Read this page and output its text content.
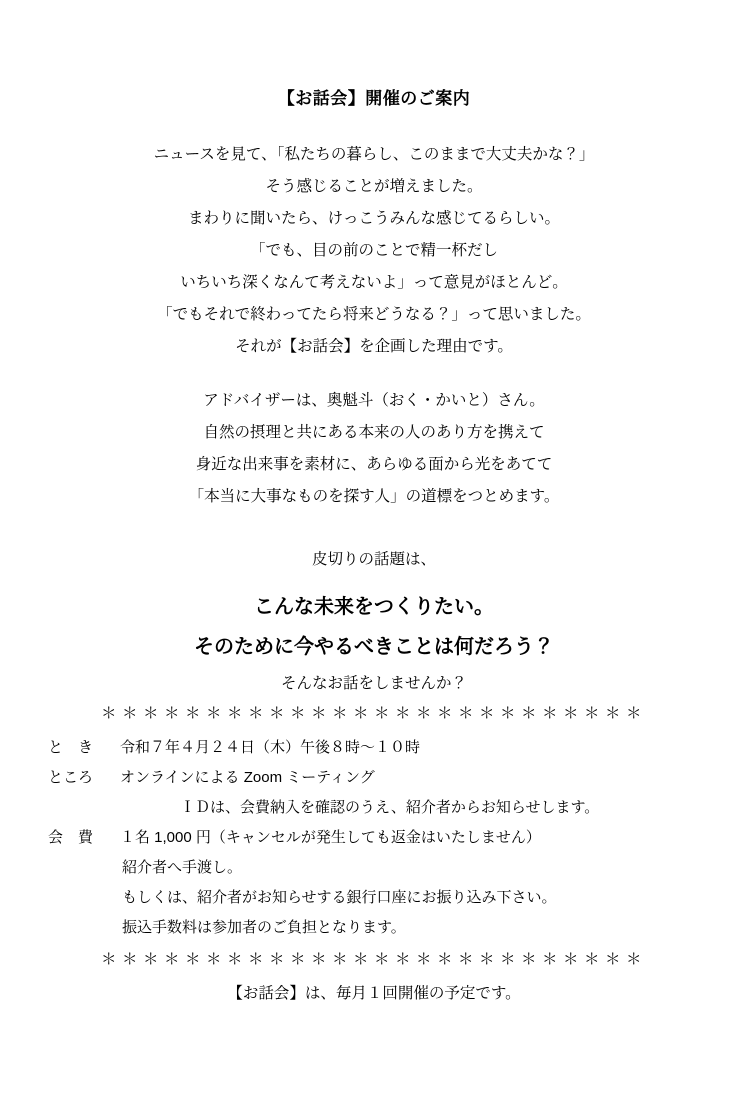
【お話会】開催のご案内
ニュースを見て、「私たちの暮らし、このままで大丈夫かな？」
そう感じることが増えました。
まわりに聞いたら、けっこうみんな感じてるらしい。
「でも、目の前のことで精一杯だし
いちいち深くなんて考えないよ」って意見がほとんど。
「でもそれで終わってたら将来どうなる？」って思いました。
それが【お話会】を企画した理由です。
アドバイザーは、奥魁斗（おく・かいと）さん。
自然の摂理と共にある本来の人のあり方を携えて
身近な出来事を素材に、あらゆる面から光をあてて
「本当に大事なものを探す人」の道標をつとめます。
皮切りの話題は、
こんな未来をつくりたい。
そのために今やるべきことは何だろう？
そんなお話をしませんか？
＊＊＊＊＊＊＊＊＊＊＊＊＊＊＊＊＊＊＊＊＊＊＊＊＊＊
と　き 令和７年４月２４日（木）午後８時～１０時
ところ オンラインによる Zoom ミーティング
ＩＤは、会費納入を確認のうえ、紹介者からお知らせします。
会　費 １名 1,000 円（キャンセルが発生しても返金はいたしません）
紹介者へ手渡し。
もしくは、紹介者がお知らせする銀行口座にお振り込み下さい。
振込手数料は参加者のご負担となります。
＊＊＊＊＊＊＊＊＊＊＊＊＊＊＊＊＊＊＊＊＊＊＊＊＊＊
【お話会】は、毎月１回開催の予定です。
